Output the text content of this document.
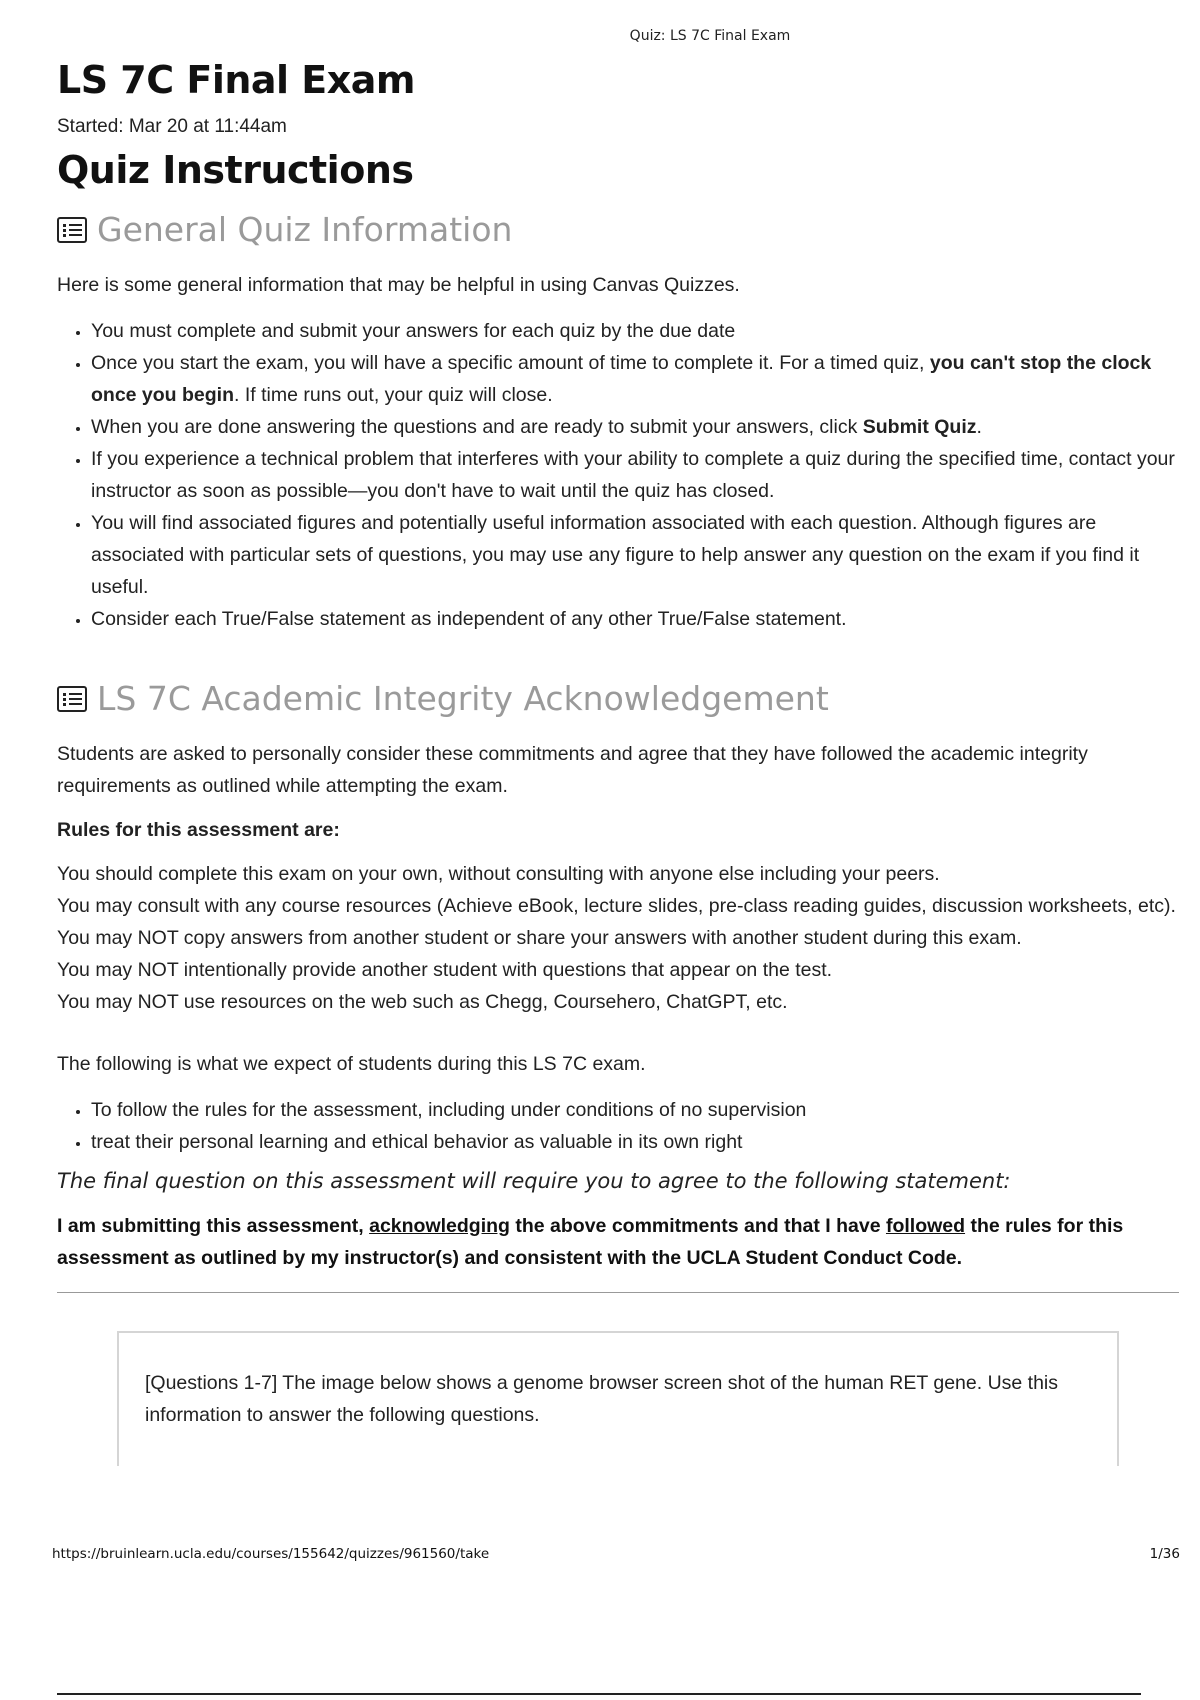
Quiz: LS 7C Final Exam
LS 7C Final Exam
Started: Mar 20 at 11:44am
Quiz Instructions
General Quiz Information

Here is some general information that may be helpful in using Canvas Quizzes.

• You must complete and submit your answers for each quiz by the due date
• Once you start the exam, you will have a specific amount of time to complete it. For a timed quiz, you can't stop the clock once you begin. If time runs out, your quiz will close.
• When you are done answering the questions and are ready to submit your answers, click Submit Quiz.
• If you experience a technical problem that interferes with your ability to complete a quiz during the specified time, contact your instructor as soon as possible—you don't have to wait until the quiz has closed.
• You will find associated figures and potentially useful information associated with each question. Although figures are associated with particular sets of questions, you may use any figure to help answer any question on the exam if you find it useful.
• Consider each True/False statement as independent of any other True/False statement.
LS 7C Academic Integrity Acknowledgement

Students are asked to personally consider these commitments and agree that they have followed the academic integrity requirements as outlined while attempting the exam.

Rules for this assessment are:

You should complete this exam on your own, without consulting with anyone else including your peers.

You may consult with any course resources (Achieve eBook, lecture slides, pre-class reading guides, discussion worksheets, etc).

You may NOT copy answers from another student or share your answers with another student during this exam.

You may NOT intentionally provide another student with questions that appear on the test.

You may NOT use resources on the web such as Chegg, Coursehero, ChatGPT, etc.

The following is what we expect of students during this LS 7C exam.

• To follow the rules for the assessment, including under conditions of no supervision
• treat their personal learning and ethical behavior as valuable in its own right
The final question on this assessment will require you to agree to the following statement:
I am submitting this assessment, acknowledging the above commitments and that I have followed the rules for this assessment as outlined by my instructor(s) and consistent with the UCLA Student Conduct Code.

[Questions 1-7] The image below shows a genome browser screen shot of the human RET gene. Use this information to answer the following questions.

https://bruinlearn.ucla.edu/courses/155642/quizzes/961560/take	1/36
